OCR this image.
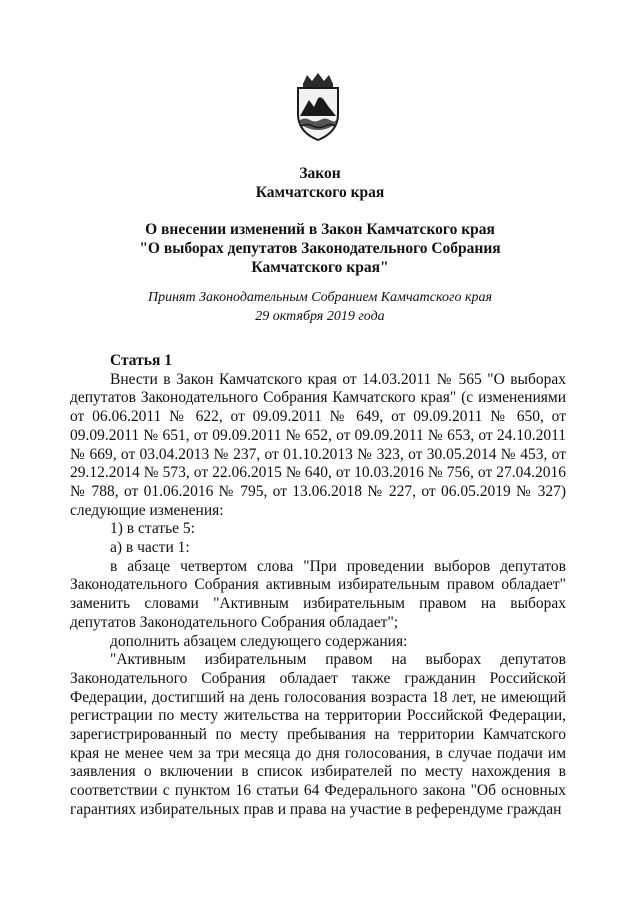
Закон
Камчатского края
О внесении изменений в Закон Камчатского края
"О выборах депутатов Законодательного Собрания
Камчатского края"
Принят Законодательным Собранием Камчатского края
29 октября 2019 года
Статья 1

Внести в Закон Камчатского края от 14.03.2011 № 565 "О выборах депутатов Законодательного Собрания Камчатского края" (с изменениями от 06.06.2011 № 622, от 09.09.2011 № 649, от 09.09.2011 № 650, от 09.09.2011 № 651, от 09.09.2011 № 652, от 09.09.2011 № 653, от 24.10.2011 № 669, от 03.04.2013 № 237, от 01.10.2013 № 323, от 30.05.2014 № 453, от 29.12.2014 № 573, от 22.06.2015 № 640, от 10.03.2016 № 756, от 27.04.2016 № 788, от 01.06.2016 № 795, от 13.06.2018 № 227, от 06.05.2019 № 327) следующие изменения:

1) в статье 5:

а) в части 1:

в абзаце четвертом слова "При проведении выборов депутатов Законодательного Собрания активным избирательным правом обладает" заменить словами "Активным избирательным правом на выборах депутатов Законодательного Собрания обладает";

дополнить абзацем следующего содержания:

"Активным избирательным правом на выборах депутатов Законодательного Собрания обладает также гражданин Российской Федерации, достигший на день голосования возраста 18 лет, не имеющий регистрации по месту жительства на территории Российской Федерации, зарегистрированный по месту пребывания на территории Камчатского края не менее чем за три месяца до дня голосования, в случае подачи им заявления о включении в список избирателей по месту нахождения в соответствии с пунктом 16 статьи 64 Федерального закона "Об основных гарантиях избирательных прав и права на участие в референдуме граждан
